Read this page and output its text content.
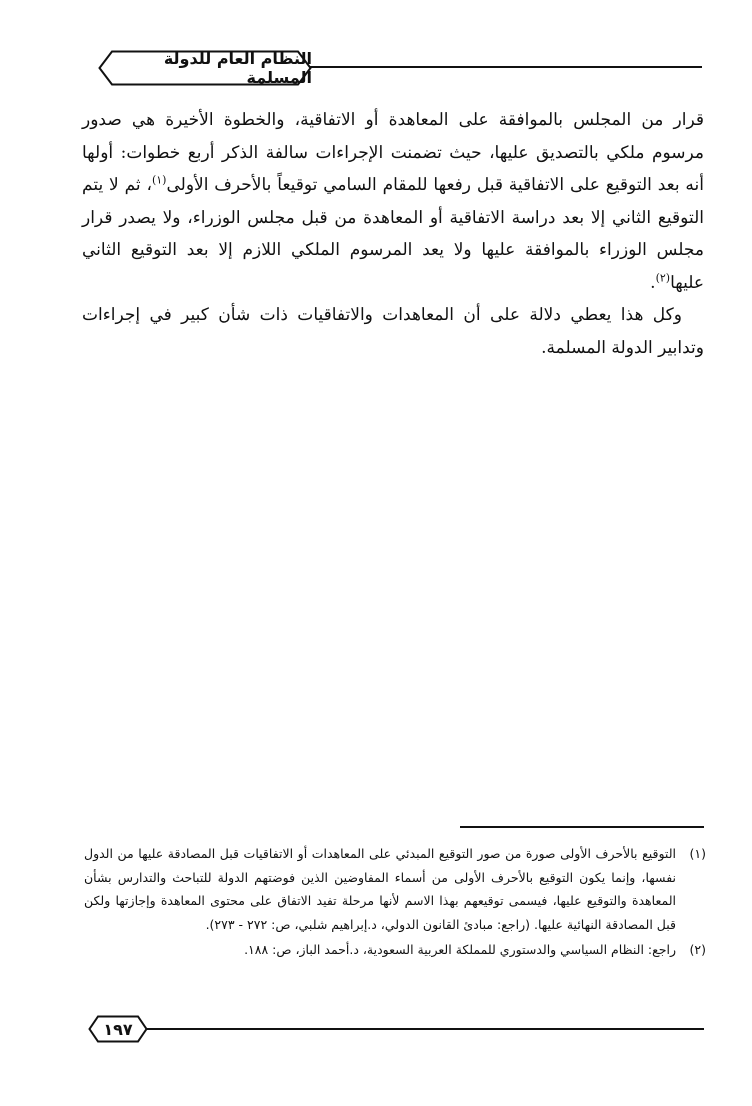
النظام العام للدولة المسلمة

قرار من المجلس بالموافقة على المعاهدة أو الاتفاقية، والخطوة الأخيرة هي صدور مرسوم ملكي بالتصديق عليها، حيث تضمنت الإجراءات سالفة الذكر أربع خطوات: أولها أنه بعد التوقيع على الاتفاقية قبل رفعها للمقام السامي توقيعاً بالأحرف الأولى$^{(١)}$، ثم لا يتم التوقيع الثاني إلا بعد دراسة الاتفاقية أو المعاهدة من قبل مجلس الوزراء، ولا يصدر قرار مجلس الوزراء بالموافقة عليها ولا يعد المرسوم الملكي اللازم إلا بعد التوقيع الثاني عليها$^{(٢)}$.

وكل هذا يعطي دلالة على أن المعاهدات والاتفاقيات ذات شأن كبير في إجراءات وتدابير الدولة المسلمة.

(١)
التوقيع بالأحرف الأولى صورة من صور التوقيع المبدئي على المعاهدات أو الاتفاقيات قبل المصادقة عليها من الدول نفسها، وإنما يكون التوقيع بالأحرف الأولى من أسماء المفاوضين الذين فوضتهم الدولة للتباحث والتدارس بشأن المعاهدة والتوقيع عليها، فيسمى توقيعهم بهذا الاسم لأنها مرحلة تفيد الاتفاق على محتوى المعاهدة وإجازتها ولكن قبل المصادقة النهائية عليها. (راجع: مبادئ القانون الدولي، د.إبراهيم شلبي، ص: ٢٧٢ - ٢٧٣).
(٢)
راجع: النظام السياسي والدستوري للمملكة العربية السعودية، د.أحمد الباز، ص: ١٨٨.
١٩٧
